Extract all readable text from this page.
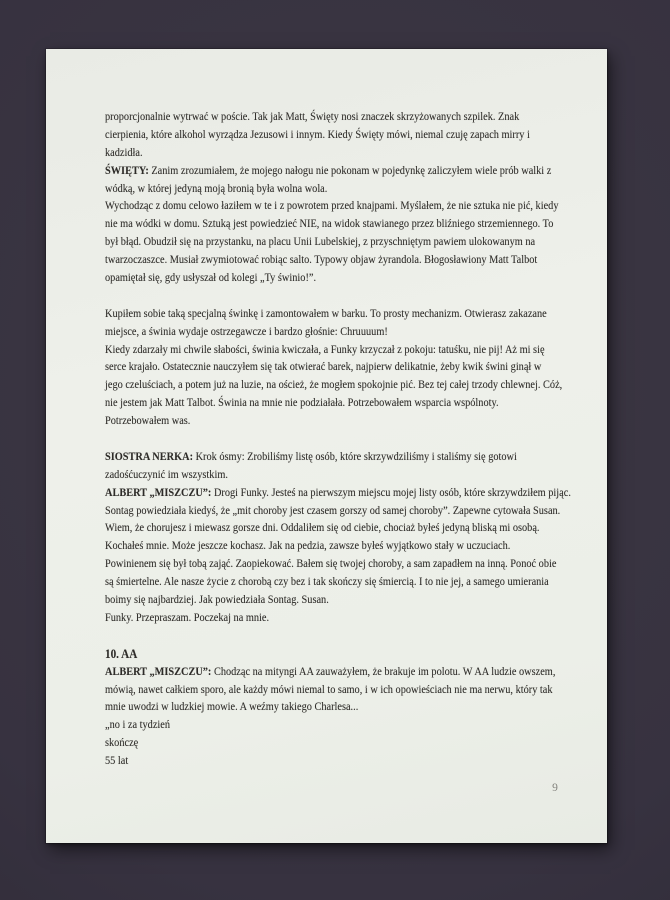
proporcjonalnie wytrwać w poście. Tak jak Matt, Święty nosi znaczek skrzyżowanych szpilek. Znak
cierpienia, które alkohol wyrządza Jezusowi i innym. Kiedy Święty mówi, niemal czuję zapach mirry i
kadzidła.
ŚWIĘTY: Zanim zrozumiałem, że mojego nałogu nie pokonam w pojedynkę zaliczyłem wiele prób walki z
wódką, w której jedyną moją bronią była wolna wola.
Wychodząc z domu celowo łaziłem w te i z powrotem przed knajpami. Myślałem, że nie sztuka nie pić, kiedy
nie ma wódki w domu. Sztuką jest powiedzieć NIE, na widok stawianego przez bliźniego strzemiennego. To
był błąd. Obudził się na przystanku, na placu Unii Lubelskiej, z przyschniętym pawiem ulokowanym na
twarzoczaszce. Musiał zwymiotować robiąc salto. Typowy objaw żyrandola. Błogosławiony Matt Talbot
opamiętał się, gdy usłyszał od kolegi „Ty świnio!”.

Kupiłem sobie taką specjalną świnkę i zamontowałem w barku. To prosty mechanizm. Otwierasz zakazane
miejsce, a świnia wydaje ostrzegawcze i bardzo głośnie: Chruuuum!
Kiedy zdarzały mi chwile słabości, świnia kwiczała, a Funky krzyczał z pokoju: tatuśku, nie pij! Aż mi się
serce krajało. Ostatecznie nauczyłem się tak otwierać barek, najpierw delikatnie, żeby kwik świni ginął w
jego czeluściach, a potem już na luzie, na oścież, że mogłem spokojnie pić. Bez tej całej trzody chlewnej. Cóż,
nie jestem jak Matt Talbot. Świnia na mnie nie podziałała. Potrzebowałem wsparcia wspólnoty.
Potrzebowałem was.

SIOSTRA NERKA: Krok ósmy: Zrobiliśmy listę osób, które skrzywdziliśmy i staliśmy się gotowi
zadośćuczynić im wszystkim.
ALBERT „MISZCZU”: Drogi Funky. Jesteś na pierwszym miejscu mojej listy osób, które skrzywdziłem pijąc.
Sontag powiedziała kiedyś, że „mit choroby jest czasem gorszy od samej choroby”. Zapewne cytowała Susan.
Wiem, że chorujesz i miewasz gorsze dni. Oddaliłem się od ciebie, chociaż byłeś jedyną bliską mi osobą.
Kochałeś mnie. Może jeszcze kochasz. Jak na pedzia, zawsze byłeś wyjątkowo stały w uczuciach.
Powinienem się był tobą zająć. Zaopiekować. Bałem się twojej choroby, a sam zapadłem na inną. Ponoć obie
są śmiertelne. Ale nasze życie z chorobą czy bez i tak skończy się śmiercią. I to nie jej, a samego umierania
boimy się najbardziej. Jak powiedziała Sontag. Susan.
Funky. Przepraszam. Poczekaj na mnie.

10. AA
ALBERT „MISZCZU”: Chodząc na mityngi AA zauważyłem, że brakuje im polotu. W AA ludzie owszem,
mówią, nawet całkiem sporo, ale każdy mówi niemal to samo, i w ich opowieściach nie ma nerwu, który tak
mnie uwodzi w ludzkiej mowie. A weźmy takiego Charlesa...
„no i za tydzień
skończę
55 lat
9
